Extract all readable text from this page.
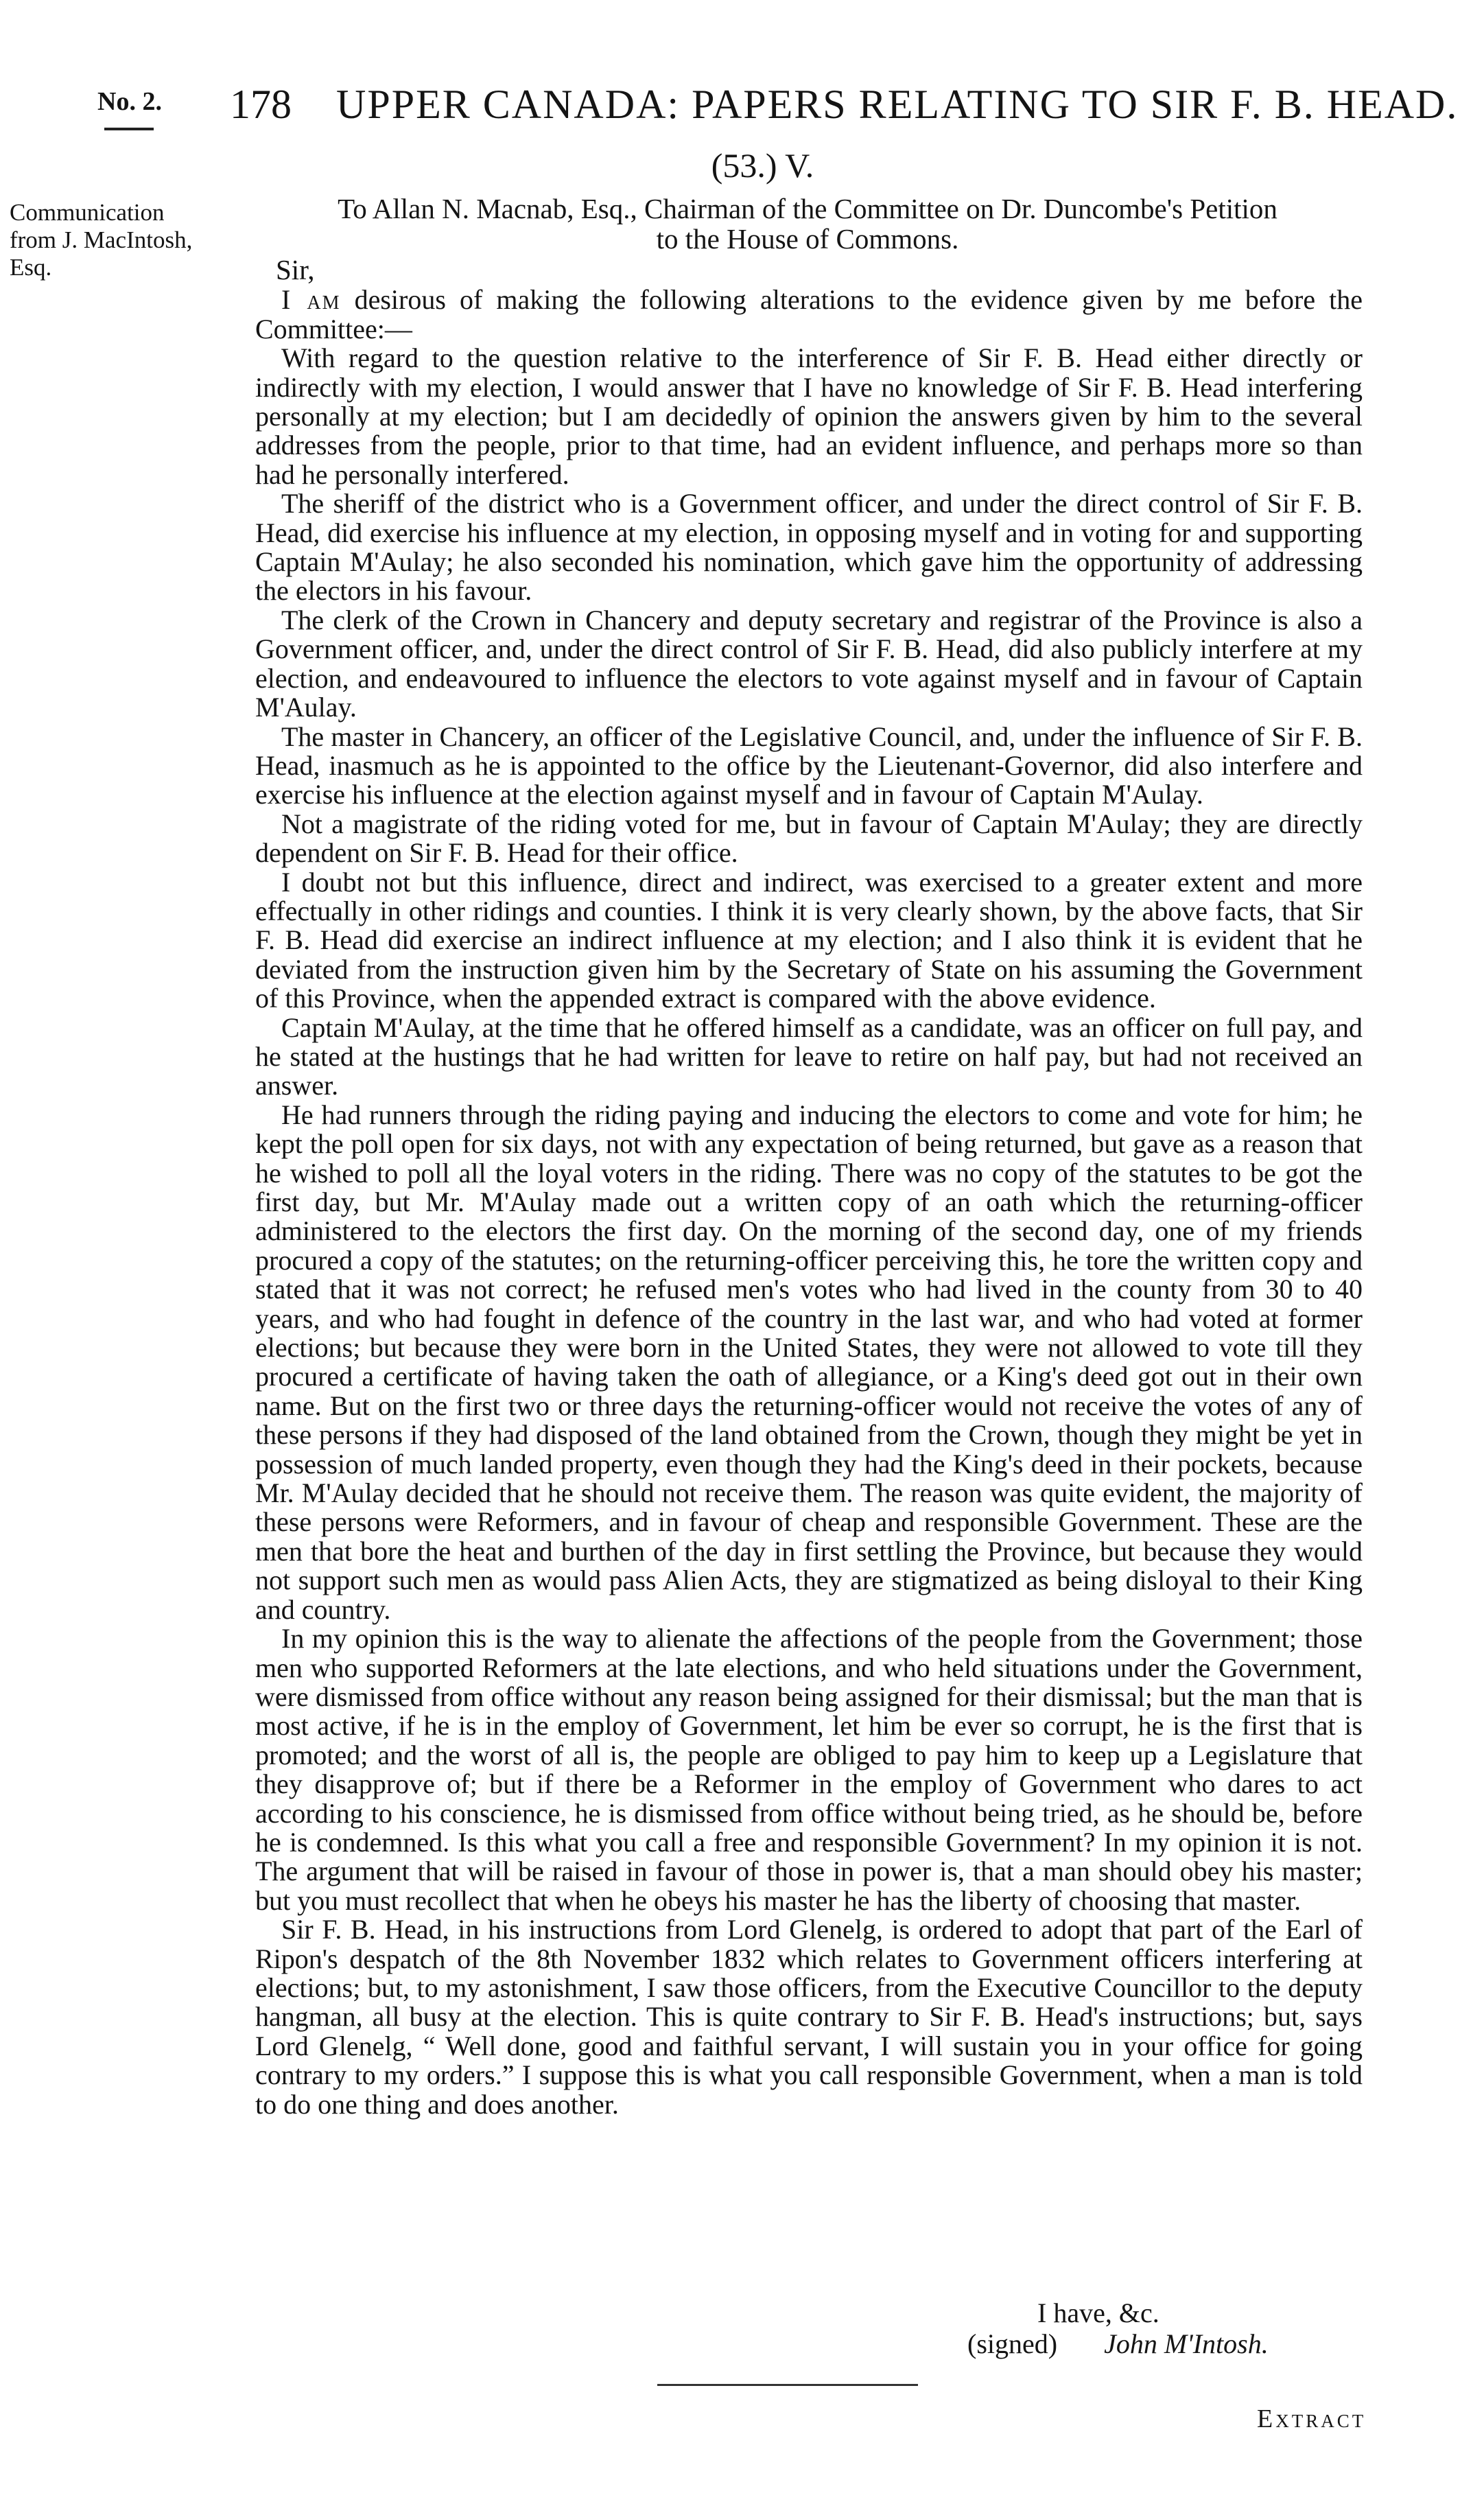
No. 2. 178 UPPER CANADA: PAPERS RELATING TO SIR F. B. HEAD.
(53.) V.
Communication
from J. MacIntosh,
Esq.
To Allan N. Macnab, Esq., Chairman of the Committee on Dr. Duncombe's Petition
to the House of Commons.

Sir,

I am desirous of making the following alterations to the evidence given by me before the Committee:—

With regard to the question relative to the interference of Sir F. B. Head either directly or indirectly with my election, I would answer that I have no knowledge of Sir F. B. Head interfering personally at my election; but I am decidedly of opinion the answers given by him to the several addresses from the people, prior to that time, had an evident influence, and perhaps more so than had he personally interfered.

The sheriff of the district who is a Government officer, and under the direct control of Sir F. B. Head, did exercise his influence at my election, in opposing myself and in voting for and supporting Captain M'Aulay; he also seconded his nomination, which gave him the opportunity of addressing the electors in his favour.

The clerk of the Crown in Chancery and deputy secretary and registrar of the Province is also a Government officer, and, under the direct control of Sir F. B. Head, did also publicly interfere at my election, and endeavoured to influence the electors to vote against myself and in favour of Captain M'Aulay.

The master in Chancery, an officer of the Legislative Council, and, under the influence of Sir F. B. Head, inasmuch as he is appointed to the office by the Lieutenant-Governor, did also interfere and exercise his influence at the election against myself and in favour of Captain M'Aulay.

Not a magistrate of the riding voted for me, but in favour of Captain M'Aulay; they are directly dependent on Sir F. B. Head for their office.

I doubt not but this influence, direct and indirect, was exercised to a greater extent and more effectually in other ridings and counties. I think it is very clearly shown, by the above facts, that Sir F. B. Head did exercise an indirect influence at my election; and I also think it is evident that he deviated from the instruction given him by the Secretary of State on his assuming the Government of this Province, when the appended extract is compared with the above evidence.

Captain M'Aulay, at the time that he offered himself as a candidate, was an officer on full pay, and he stated at the hustings that he had written for leave to retire on half pay, but had not received an answer.

He had runners through the riding paying and inducing the electors to come and vote for him; he kept the poll open for six days, not with any expectation of being returned, but gave as a reason that he wished to poll all the loyal voters in the riding. There was no copy of the statutes to be got the first day, but Mr. M'Aulay made out a written copy of an oath which the returning-officer administered to the electors the first day. On the morning of the second day, one of my friends procured a copy of the statutes; on the returning-officer perceiving this, he tore the written copy and stated that it was not correct; he refused men's votes who had lived in the county from 30 to 40 years, and who had fought in defence of the country in the last war, and who had voted at former elections; but because they were born in the United States, they were not allowed to vote till they procured a certificate of having taken the oath of allegiance, or a King's deed got out in their own name. But on the first two or three days the returning-officer would not receive the votes of any of these persons if they had disposed of the land obtained from the Crown, though they might be yet in possession of much landed property, even though they had the King's deed in their pockets, because Mr. M'Aulay decided that he should not receive them. The reason was quite evident, the majority of these persons were Reformers, and in favour of cheap and responsible Government. These are the men that bore the heat and burthen of the day in first settling the Province, but because they would not support such men as would pass Alien Acts, they are stigmatized as being disloyal to their King and country.

In my opinion this is the way to alienate the affections of the people from the Government; those men who supported Reformers at the late elections, and who held situations under the Government, were dismissed from office without any reason being assigned for their dismissal; but the man that is most active, if he is in the employ of Government, let him be ever so corrupt, he is the first that is promoted; and the worst of all is, the people are obliged to pay him to keep up a Legislature that they disapprove of; but if there be a Reformer in the employ of Government who dares to act according to his conscience, he is dismissed from office without being tried, as he should be, before he is condemned. Is this what you call a free and responsible Government? In my opinion it is not. The argument that will be raised in favour of those in power is, that a man should obey his master; but you must recollect that when he obeys his master he has the liberty of choosing that master.

Sir F. B. Head, in his instructions from Lord Glenelg, is ordered to adopt that part of the Earl of Ripon's despatch of the 8th November 1832 which relates to Government officers interfering at elections; but, to my astonishment, I saw those officers, from the Executive Councillor to the deputy hangman, all busy at the election. This is quite contrary to Sir F. B. Head's instructions; but, says Lord Glenelg, “ Well done, good and faithful servant, I will sustain you in your office for going contrary to my orders.” I suppose this is what you call responsible Government, when a man is told to do one thing and does another.

I have, &c.
(signed) John M'Intosh.
Extract
